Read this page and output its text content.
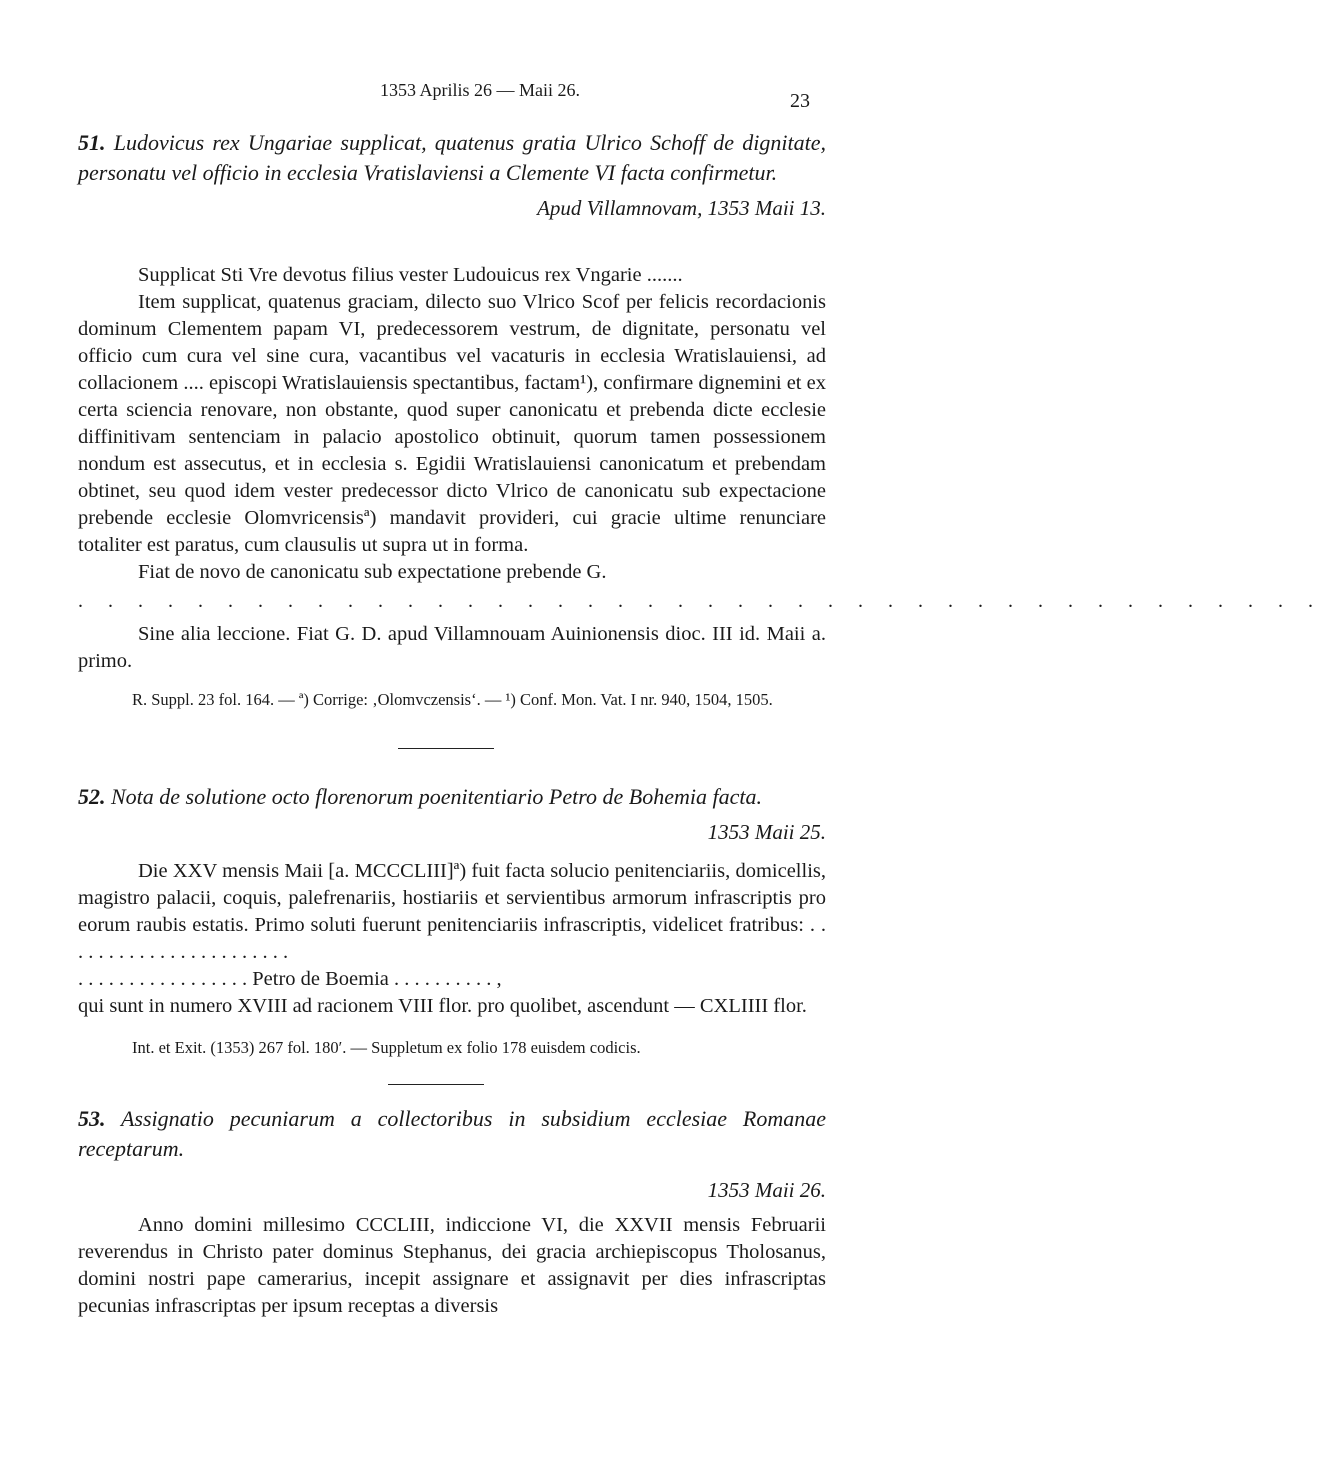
1353 Aprilis 26 — Maii 26.	23

51. Ludovicus rex Ungariae supplicat, quatenus gratia Ulrico Schoff de dignitate, personatu vel officio in ecclesia Vratislaviensi a Clemente VI facta confirmetur.

Apud Villamnovam, 1353 Maii 13.

Supplicat Sti Vre devotus filius vester Ludouicus rex Vngarie .......

Item supplicat, quatenus graciam, dilecto suo Vlrico Scof per felicis recordacionis dominum Clementem papam VI, predecessorem vestrum, de dignitate, personatu vel officio cum cura vel sine cura, vacantibus vel vacaturis in ecclesia Wratislauiensi, ad collacionem .... episcopi Wratislauiensis spectantibus, factam¹), confirmare dignemini et ex certa sciencia renovare, non obstante, quod super canonicatu et prebenda dicte ecclesie diffinitivam sentenciam in palacio apostolico obtinuit, quorum tamen possessionem nondum est assecutus, et in ecclesia s. Egidii Wratislauiensi canonicatum et prebendam obtinet, seu quod idem vester predecessor dicto Vlrico de canonicatu sub expectacione prebende ecclesie Olomvricensisª) mandavit provideri, cui gracie ultime renunciare totaliter est paratus, cum clausulis ut supra ut in forma.

Fiat de novo de canonicatu sub expectatione prebende G.

. . . . . . . . . . . . . . . . . . . . . . . . . . . . . . . . . . . . . . . . . .

Sine alia leccione. Fiat G. D. apud Villamnouam Auinionensis dioc. III id. Maii a. primo.

R. Suppl. 23 fol. 164. — ª) Corrige: ‚Olomvczensis‘. — ¹) Conf. Mon. Vat. I nr. 940, 1504, 1505.

52. Nota de solutione octo florenorum poenitentiario Petro de Bohemia facta.

1353 Maii 25.

Die XXV mensis Maii [a. MCCCLIII]ª) fuit facta solucio penitenciariis, domicellis, magistro palacii, coquis, palefrenariis, hostiariis et servientibus armorum infrascriptis pro eorum raubis estatis. Primo soluti fuerunt penitenciariis infrascriptis, videlicet fratribus: . . . . . . . . . . . . . . . . . . . . . . .

. . . . . . . . . . . . . . . . . Petro de Boemia . . . . . . . . . . ,

qui sunt in numero XVIII ad racionem VIII flor. pro quolibet, ascendunt — CXLIIII flor.

Int. et Exit. (1353) 267 fol. 180′. — Suppletum ex folio 178 euisdem codicis.

53. Assignatio pecuniarum a collectoribus in subsidium ecclesiae Romanae receptarum.

1353 Maii 26.

Anno domini millesimo CCCLIII, indiccione VI, die XXVII mensis Februarii reverendus in Christo pater dominus Stephanus, dei gracia archiepiscopus Tholosanus, domini nostri pape camerarius, incepit assignare et assignavit per dies infrascriptas pecunias infrascriptas per ipsum receptas a diversis
